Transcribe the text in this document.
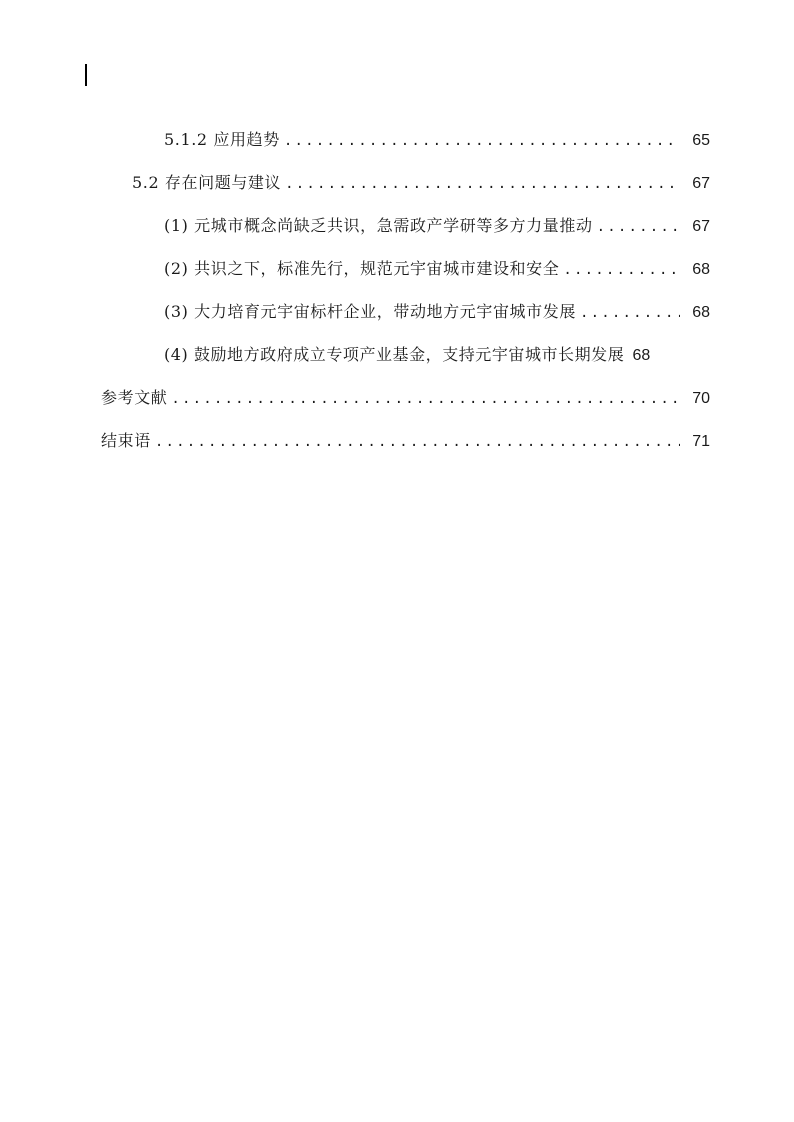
5.1.2 应用趋势 .....	65
5.2 存在问题与建议 .....	67
(1) 元城市概念尚缺乏共识，急需政产学研等多方力量推动 .....	67
(2) 共识之下，标准先行，规范元宇宙城市建设和安全 .....	68
(3) 大力培育元宇宙标杆企业，带动地方元宇宙城市发展 .....	68
(4) 鼓励地方政府成立专项产业基金，支持元宇宙城市长期发展 68
参考文献 .....	70
结束语 .....	71
